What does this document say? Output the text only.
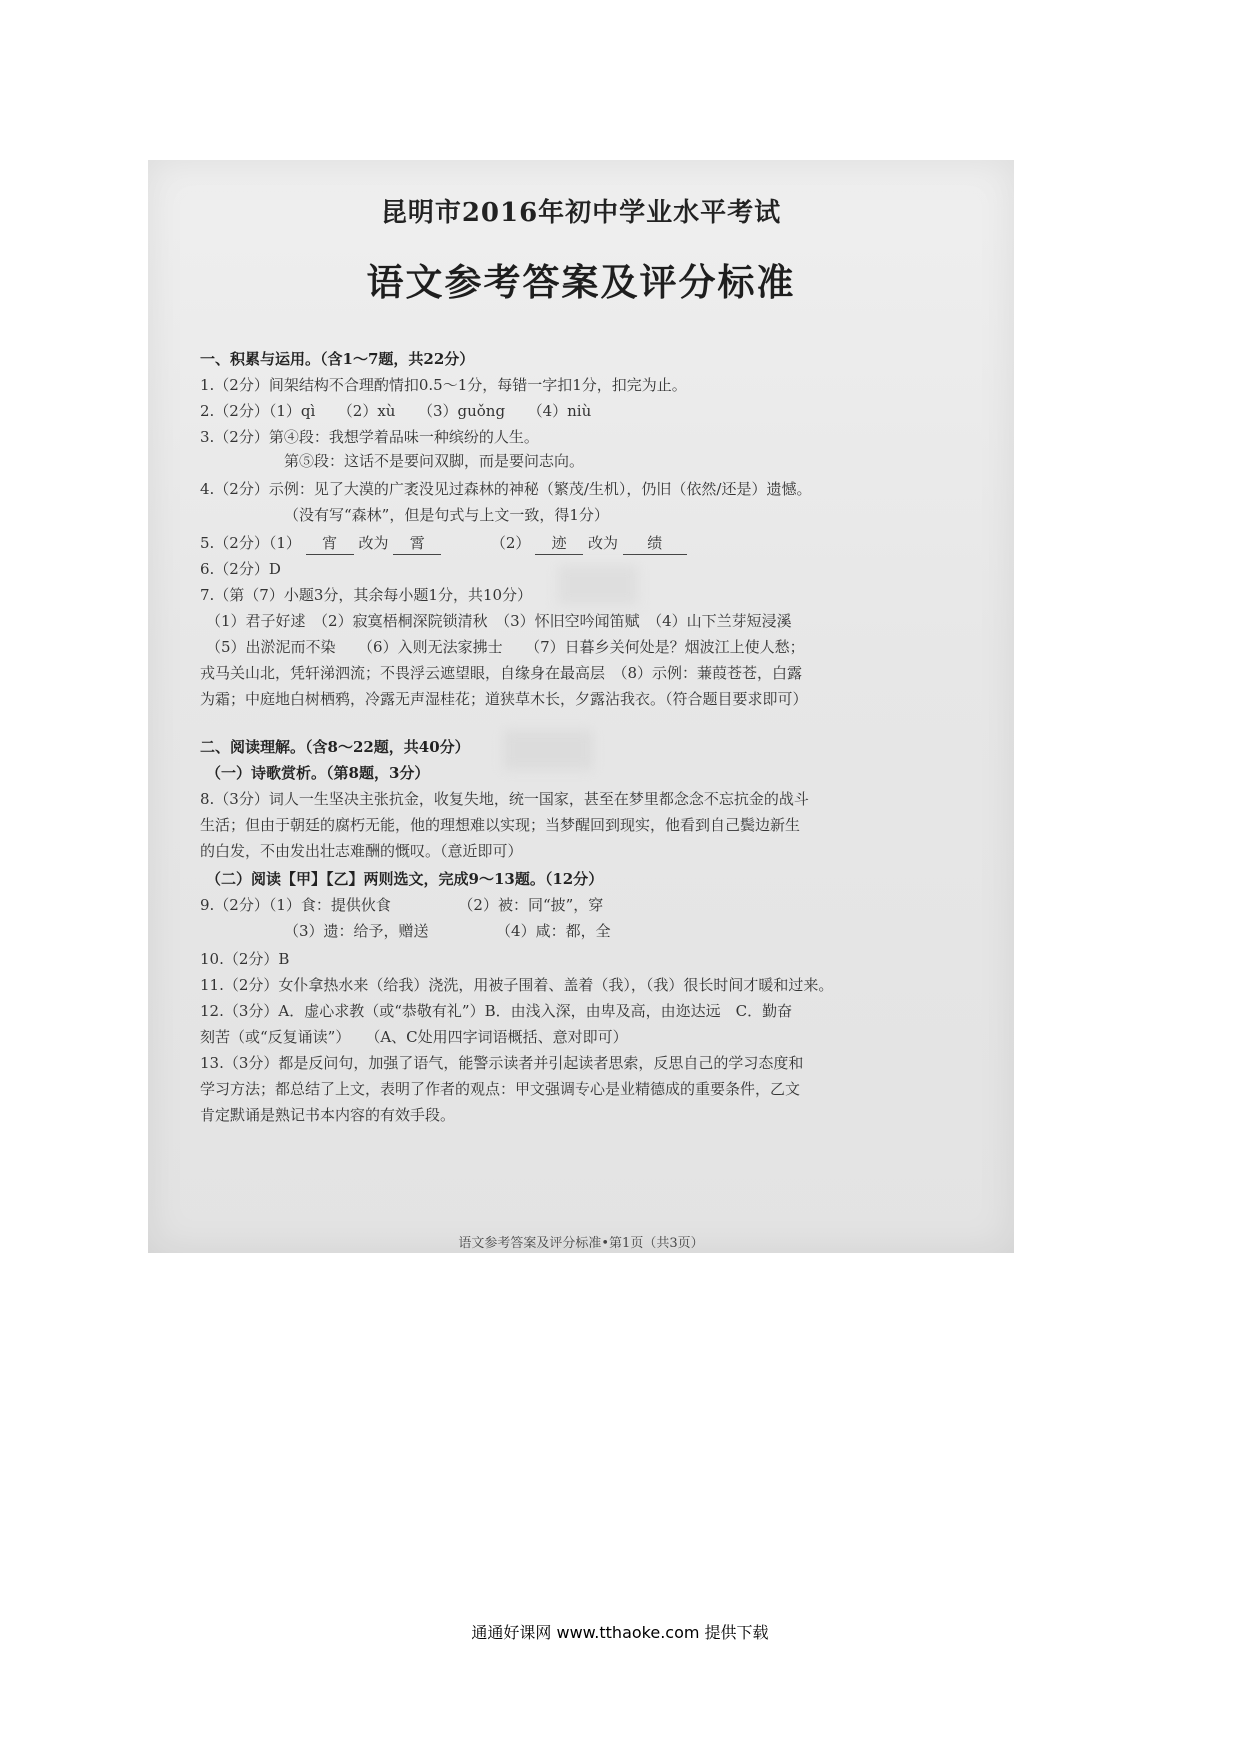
昆明市2016年初中学业水平考试
语文参考答案及评分标准
一、积累与运用。（含1～7题，共22分）
1.（2分）间架结构不合理酌情扣0.5～1分，每错一字扣1分，扣完为止。
2.（2分）（1）qì　　（2）xù　　（3）guǒng　　（4）niù
3.（2分）第④段：我想学着品味一种缤纷的人生。
第⑤段：这话不是要问双脚，而是要问志向。
4.（2分）示例：见了大漠的广袤没见过森林的神秘（繁茂/生机），仍旧（依然/还是）遗憾。
（没有写“森林”，但是句式与上文一致，得1分）
5.（2分）（1） 宵 改为 霄	（2） 迹 改为 绩
6.（2分）D
7.（第（7）小题3分，其余每小题1分，共10分）
（1）君子好逑　（2）寂寞梧桐深院锁清秋　（3）怀旧空吟闻笛赋　（4）山下兰芽短浸溪
（5）出淤泥而不染　　（6）入则无法家拂士　　（7）日暮乡关何处是？烟波江上使人愁；
戎马关山北，凭轩涕泗流；不畏浮云遮望眼，自缘身在最高层　（8）示例：蒹葭苍苍，白露
为霜；中庭地白树栖鸦，冷露无声湿桂花；道狭草木长，夕露沾我衣。（符合题目要求即可）
二、阅读理解。（含8～22题，共40分）
（一）诗歌赏析。（第8题，3分）
8.（3分）词人一生坚决主张抗金，收复失地，统一国家，甚至在梦里都念念不忘抗金的战斗
生活；但由于朝廷的腐朽无能，他的理想难以实现；当梦醒回到现实，他看到自己鬓边新生
的白发，不由发出壮志难酬的慨叹。（意近即可）
（二）阅读【甲】【乙】两则选文，完成9～13题。（12分）
9.（2分）（1）食：提供伙食　　　　　（2）被：同“披”，穿
（3）遗：给予，赠送　　　　　（4）咸：都，全
10.（2分）B
11.（2分）女仆拿热水来（给我）浇洗，用被子围着、盖着（我），（我）很长时间才暖和过来。
12.（3分）A．虚心求教（或“恭敬有礼”）B．由浅入深，由卑及高，由迩达远　C．勤奋
刻苦（或“反复诵读”）　　（A、C处用四字词语概括、意对即可）
13.（3分）都是反问句，加强了语气，能警示读者并引起读者思索，反思自己的学习态度和
学习方法；都总结了上文，表明了作者的观点：甲文强调专心是业精德成的重要条件，乙文
肯定默诵是熟记书本内容的有效手段。
语文参考答案及评分标准•第1页（共3页）
通通好课网 www.tthaoke.com 提供下载
